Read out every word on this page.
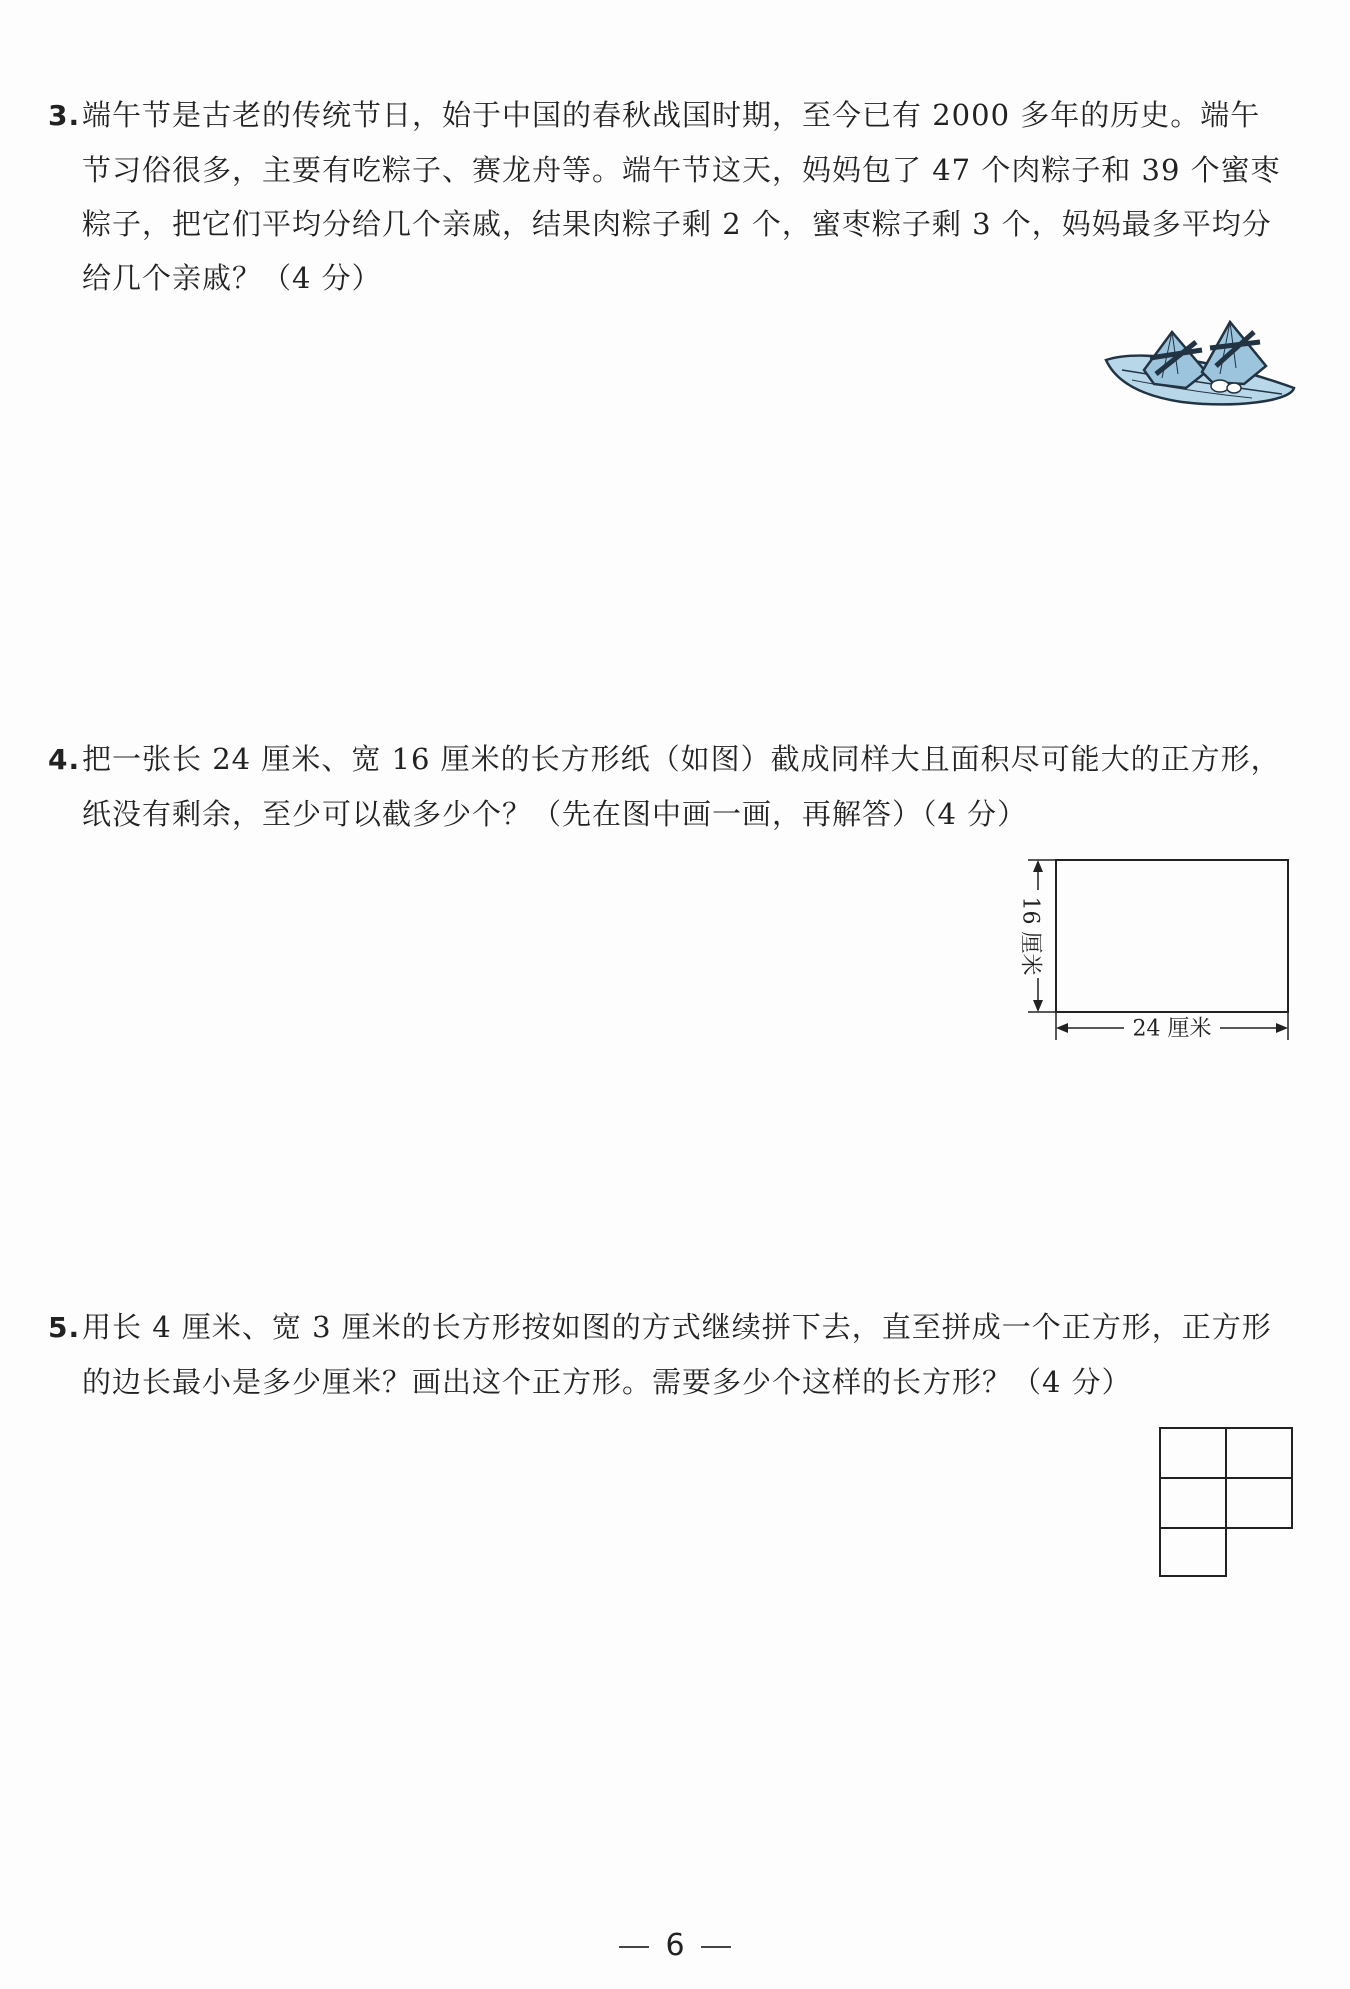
3.端午节是古老的传统节日，始于中国的春秋战国时期，至今已有 2000 多年的历史。端午
节习俗很多，主要有吃粽子、赛龙舟等。端午节这天，妈妈包了 47 个肉粽子和 39 个蜜枣
粽子，把它们平均分给几个亲戚，结果肉粽子剩 2 个，蜜枣粽子剩 3 个，妈妈最多平均分
给几个亲戚？（4 分）
4.把一张长 24 厘米、宽 16 厘米的长方形纸（如图）截成同样大且面积尽可能大的正方形，
纸没有剩余，至少可以截多少个？（先在图中画一画，再解答）（4 分）
16 厘米
24 厘米
5.用长 4 厘米、宽 3 厘米的长方形按如图的方式继续拼下去，直至拼成一个正方形，正方形
的边长最小是多少厘米？画出这个正方形。需要多少个这样的长方形？（4 分）
6
